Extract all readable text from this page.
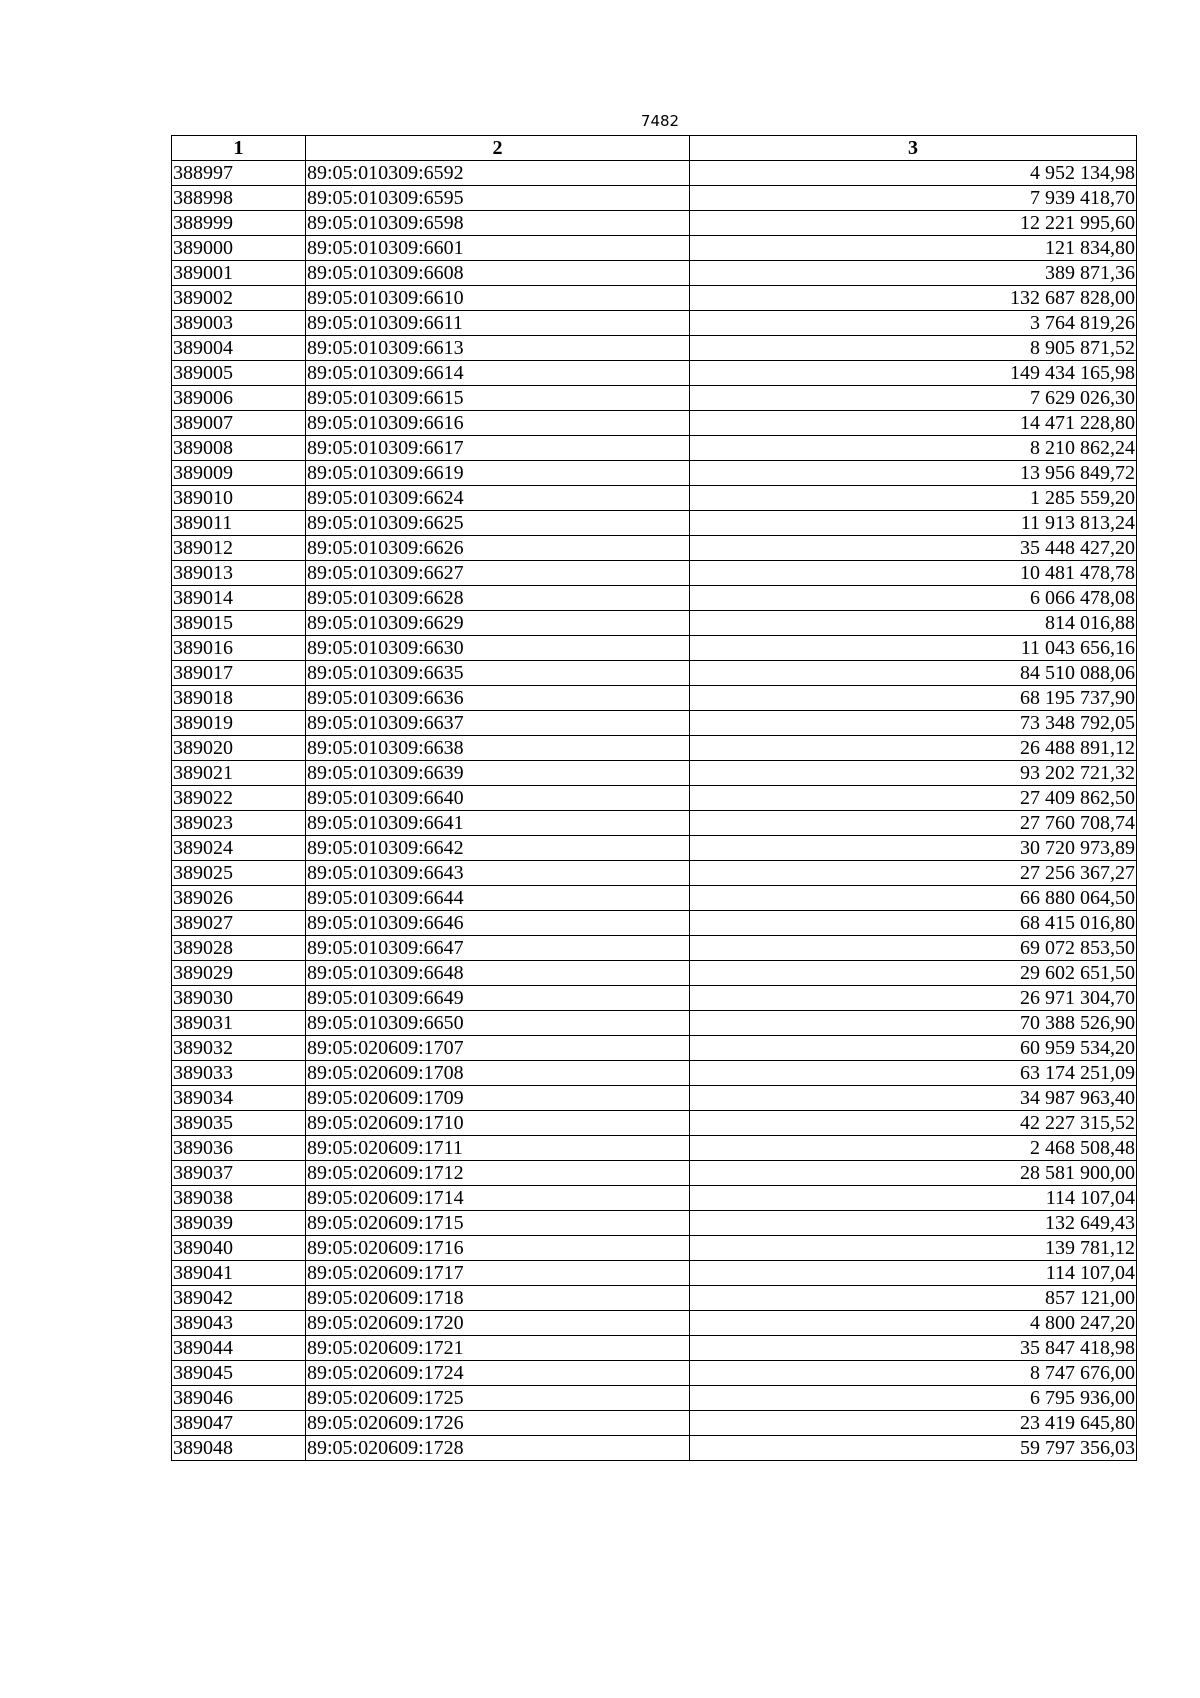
7482
1	2	3
388997	89:05:010309:6592	4 952 134,98
388998	89:05:010309:6595	7 939 418,70
388999	89:05:010309:6598	12 221 995,60
389000	89:05:010309:6601	121 834,80
389001	89:05:010309:6608	389 871,36
389002	89:05:010309:6610	132 687 828,00
389003	89:05:010309:6611	3 764 819,26
389004	89:05:010309:6613	8 905 871,52
389005	89:05:010309:6614	149 434 165,98
389006	89:05:010309:6615	7 629 026,30
389007	89:05:010309:6616	14 471 228,80
389008	89:05:010309:6617	8 210 862,24
389009	89:05:010309:6619	13 956 849,72
389010	89:05:010309:6624	1 285 559,20
389011	89:05:010309:6625	11 913 813,24
389012	89:05:010309:6626	35 448 427,20
389013	89:05:010309:6627	10 481 478,78
389014	89:05:010309:6628	6 066 478,08
389015	89:05:010309:6629	814 016,88
389016	89:05:010309:6630	11 043 656,16
389017	89:05:010309:6635	84 510 088,06
389018	89:05:010309:6636	68 195 737,90
389019	89:05:010309:6637	73 348 792,05
389020	89:05:010309:6638	26 488 891,12
389021	89:05:010309:6639	93 202 721,32
389022	89:05:010309:6640	27 409 862,50
389023	89:05:010309:6641	27 760 708,74
389024	89:05:010309:6642	30 720 973,89
389025	89:05:010309:6643	27 256 367,27
389026	89:05:010309:6644	66 880 064,50
389027	89:05:010309:6646	68 415 016,80
389028	89:05:010309:6647	69 072 853,50
389029	89:05:010309:6648	29 602 651,50
389030	89:05:010309:6649	26 971 304,70
389031	89:05:010309:6650	70 388 526,90
389032	89:05:020609:1707	60 959 534,20
389033	89:05:020609:1708	63 174 251,09
389034	89:05:020609:1709	34 987 963,40
389035	89:05:020609:1710	42 227 315,52
389036	89:05:020609:1711	2 468 508,48
389037	89:05:020609:1712	28 581 900,00
389038	89:05:020609:1714	114 107,04
389039	89:05:020609:1715	132 649,43
389040	89:05:020609:1716	139 781,12
389041	89:05:020609:1717	114 107,04
389042	89:05:020609:1718	857 121,00
389043	89:05:020609:1720	4 800 247,20
389044	89:05:020609:1721	35 847 418,98
389045	89:05:020609:1724	8 747 676,00
389046	89:05:020609:1725	6 795 936,00
389047	89:05:020609:1726	23 419 645,80
389048	89:05:020609:1728	59 797 356,03
